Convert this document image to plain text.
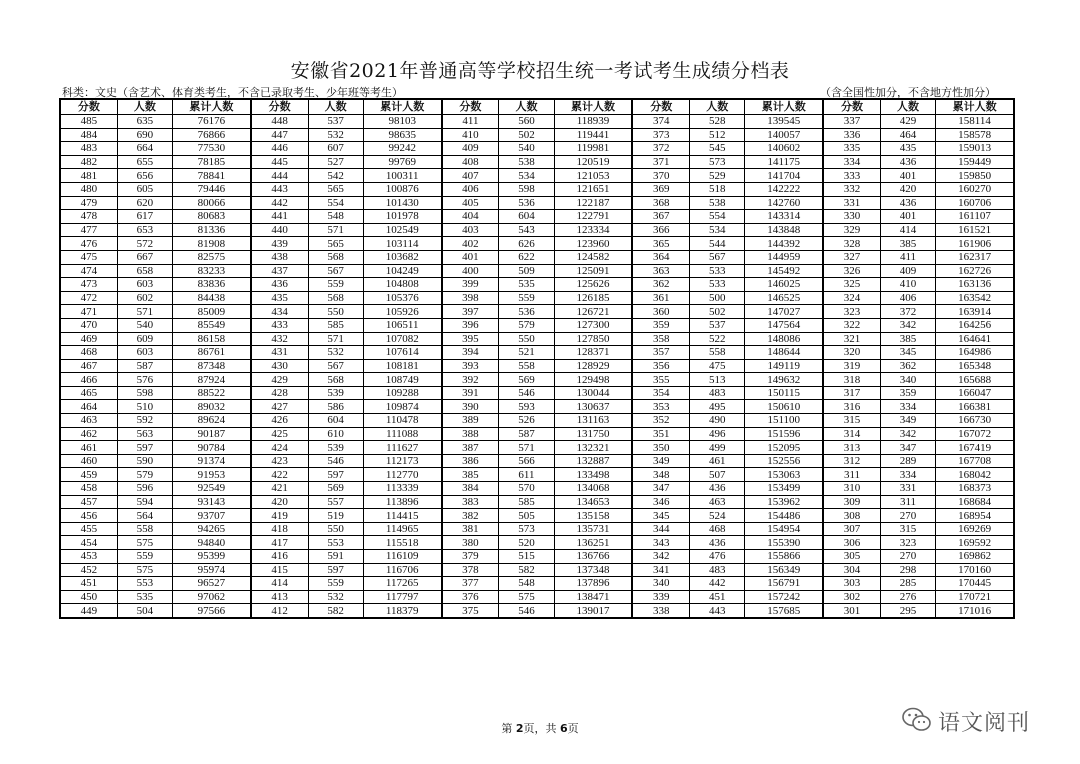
安徽省2021年普通高等学校招生统一考试考生成绩分档表
科类：文史（含艺术、体育类考生，不含已录取考生、少年班等考生）	（含全国性加分，不含地方性加分）
分数	人数	累计人数	分数	人数	累计人数	分数	人数	累计人数	分数	人数	累计人数	分数	人数	累计人数
485	635	76176	448	537	98103	411	560	118939	374	528	139545	337	429	158114
484	690	76866	447	532	98635	410	502	119441	373	512	140057	336	464	158578
483	664	77530	446	607	99242	409	540	119981	372	545	140602	335	435	159013
482	655	78185	445	527	99769	408	538	120519	371	573	141175	334	436	159449
481	656	78841	444	542	100311	407	534	121053	370	529	141704	333	401	159850
480	605	79446	443	565	100876	406	598	121651	369	518	142222	332	420	160270
479	620	80066	442	554	101430	405	536	122187	368	538	142760	331	436	160706
478	617	80683	441	548	101978	404	604	122791	367	554	143314	330	401	161107
477	653	81336	440	571	102549	403	543	123334	366	534	143848	329	414	161521
476	572	81908	439	565	103114	402	626	123960	365	544	144392	328	385	161906
475	667	82575	438	568	103682	401	622	124582	364	567	144959	327	411	162317
474	658	83233	437	567	104249	400	509	125091	363	533	145492	326	409	162726
473	603	83836	436	559	104808	399	535	125626	362	533	146025	325	410	163136
472	602	84438	435	568	105376	398	559	126185	361	500	146525	324	406	163542
471	571	85009	434	550	105926	397	536	126721	360	502	147027	323	372	163914
470	540	85549	433	585	106511	396	579	127300	359	537	147564	322	342	164256
469	609	86158	432	571	107082	395	550	127850	358	522	148086	321	385	164641
468	603	86761	431	532	107614	394	521	128371	357	558	148644	320	345	164986
467	587	87348	430	567	108181	393	558	128929	356	475	149119	319	362	165348
466	576	87924	429	568	108749	392	569	129498	355	513	149632	318	340	165688
465	598	88522	428	539	109288	391	546	130044	354	483	150115	317	359	166047
464	510	89032	427	586	109874	390	593	130637	353	495	150610	316	334	166381
463	592	89624	426	604	110478	389	526	131163	352	490	151100	315	349	166730
462	563	90187	425	610	111088	388	587	131750	351	496	151596	314	342	167072
461	597	90784	424	539	111627	387	571	132321	350	499	152095	313	347	167419
460	590	91374	423	546	112173	386	566	132887	349	461	152556	312	289	167708
459	579	91953	422	597	112770	385	611	133498	348	507	153063	311	334	168042
458	596	92549	421	569	113339	384	570	134068	347	436	153499	310	331	168373
457	594	93143	420	557	113896	383	585	134653	346	463	153962	309	311	168684
456	564	93707	419	519	114415	382	505	135158	345	524	154486	308	270	168954
455	558	94265	418	550	114965	381	573	135731	344	468	154954	307	315	169269
454	575	94840	417	553	115518	380	520	136251	343	436	155390	306	323	169592
453	559	95399	416	591	116109	379	515	136766	342	476	155866	305	270	169862
452	575	95974	415	597	116706	378	582	137348	341	483	156349	304	298	170160
451	553	96527	414	559	117265	377	548	137896	340	442	156791	303	285	170445
450	535	97062	413	532	117797	376	575	138471	339	451	157242	302	276	170721
449	504	97566	412	582	118379	375	546	139017	338	443	157685	301	295	171016
第 2页，共 6页	语文阅刊
